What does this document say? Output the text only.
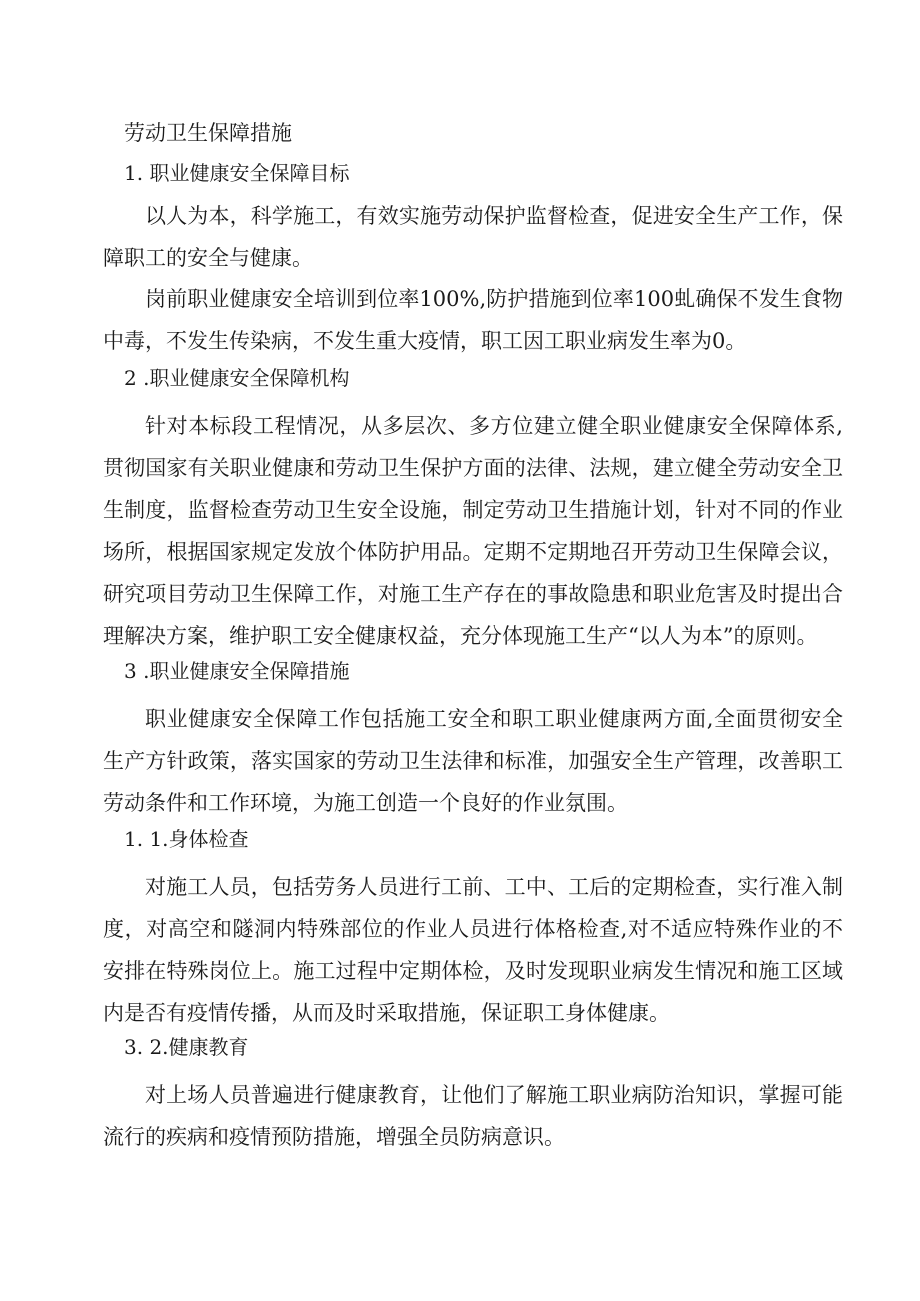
劳动卫生保障措施
1. 职业健康安全保障目标
以人为本，科学施工，有效实施劳动保护监督检查，促进安全生产工作，保障职工的安全与健康。
岗前职业健康安全培训到位率100%,防护措施到位率100虬确保不发生食物中毒，不发生传染病，不发生重大疫情，职工因工职业病发生率为0。
2 .职业健康安全保障机构
针对本标段工程情况，从多层次、多方位建立健全职业健康安全保障体系,贯彻国家有关职业健康和劳动卫生保护方面的法律、法规，建立健全劳动安全卫生制度，监督检查劳动卫生安全设施，制定劳动卫生措施计划，针对不同的作业场所，根据国家规定发放个体防护用品。定期不定期地召开劳动卫生保障会议，研究项目劳动卫生保障工作，对施工生产存在的事故隐患和职业危害及时提出合理解决方案，维护职工安全健康权益，充分体现施工生产“以人为本”的原则。
3 .职业健康安全保障措施
职业健康安全保障工作包括施工安全和职工职业健康两方面,全面贯彻安全生产方针政策，落实国家的劳动卫生法律和标准，加强安全生产管理，改善职工劳动条件和工作环境，为施工创造一个良好的作业氛围。
1. 1.身体检查
对施工人员，包括劳务人员进行工前、工中、工后的定期检查，实行准入制度，对高空和隧洞内特殊部位的作业人员进行体格检查,对不适应特殊作业的不安排在特殊岗位上。施工过程中定期体检，及时发现职业病发生情况和施工区域内是否有疫情传播，从而及时采取措施，保证职工身体健康。
3. 2.健康教育
对上场人员普遍进行健康教育，让他们了解施工职业病防治知识，掌握可能流行的疾病和疫情预防措施，增强全员防病意识。
